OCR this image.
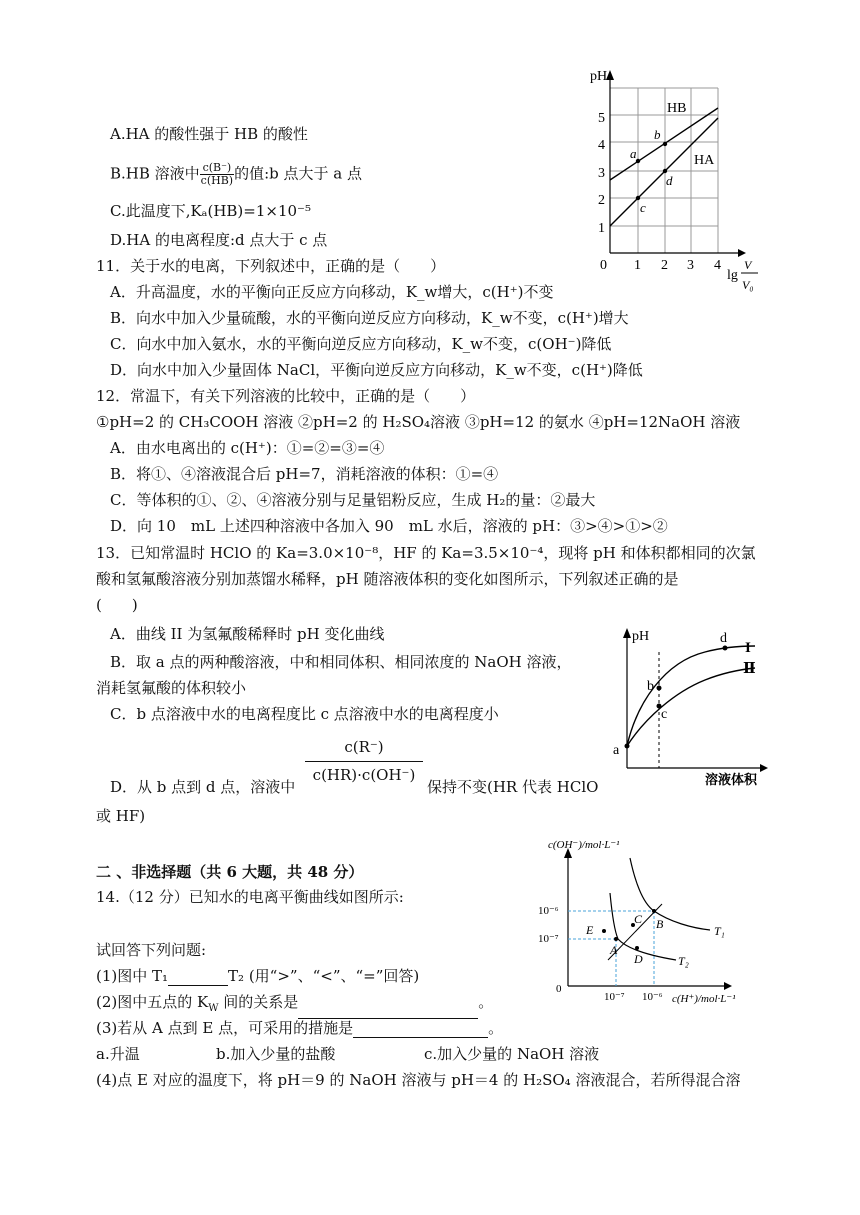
A.HA 的酸性强于 HB 的酸性
B.HB 溶液中 $\frac{c(B^-)}{c(HB)}$ 的值:b 点大于 a 点
C.此温度下,Kₐ(HB)=1×10⁻⁵
D.HA 的电离程度:d 点大于 c 点
pH
5
4
3
2
1
0 1 2 3 4
lg
V
V₀
HB
HA
a
b
c
d
11．关于水的电离，下列叙述中，正确的是（　　）
A．升高温度，水的平衡向正反应方向移动，K_w增大，c(H⁺)不变
B．向水中加入少量硫酸，水的平衡向逆反应方向移动，K_w不变，c(H⁺)增大
C．向水中加入氨水，水的平衡向逆反应方向移动，K_w不变，c(OH⁻)降低
D．向水中加入少量固体 NaCl，平衡向逆反应方向移动，K_w不变，c(H⁺)降低
12．常温下，有关下列溶液的比较中，正确的是（　　）
①pH=2 的 CH₃COOH 溶液 ②pH=2 的 H₂SO₄溶液 ③pH=12 的氨水 ④pH=12NaOH 溶液
A．由水电离出的 c(H⁺)：①=②=③=④
B．将①、④溶液混合后 pH=7，消耗溶液的体积：①=④
C．等体积的①、②、④溶液分别与足量铝粉反应，生成 H₂的量：②最大
D．向 10　mL 上述四种溶液中各加入 90　mL 水后，溶液的 pH：③>④>①>②
13．已知常温时 HClO 的 Ka=3.0×10⁻⁸，HF 的 Ka=3.5×10⁻⁴，现将 pH 和体积都相同的次氯
酸和氢氟酸溶液分别加蒸馏水稀释，pH 随溶液体积的变化如图所示，下列叙述正确的是
(　　)
A．曲线 II 为氢氟酸稀释时 pH 变化曲线
B．取 a 点的两种酸溶液，中和相同体积、相同浓度的 NaOH 溶液，
消耗氢氟酸的体积较小
C．b 点溶液中水的电离程度比 c 点溶液中水的电离程度小
D．从 b 点到 d 点，溶液中
c(R⁻)
c(HR)·c(OH⁻)
保持不变(HR 代表 HClO
或 HF)
pH
溶液体积
a
b
c
d
I
Ⅱ
二 、非选择题（共 6 大题，共 48 分）
14.（12 分）已知水的电离平衡曲线如图所示:
试回答下列问题:
(1)图中 T₁	T₂ (用“>”、“<”、“=”回答)
(2)图中五点的 $K_W$ 间的关系是	。
(3)若从 A 点到 E 点，可采用的措施是	。
a.升温	b.加入少量的盐酸	c.加入少量的 NaOH 溶液
(4)点 E 对应的温度下，将 pH＝9 的 NaOH 溶液与 pH＝4 的 H₂SO₄ 溶液混合，若所得混合溶
c(OH⁻)/mol·L⁻¹
c(H⁺)/mol·L⁻¹
10⁻⁶
10⁻⁷
0
10⁻⁷ 10⁻⁶
A
B
C
D
E	T₁
T₂
